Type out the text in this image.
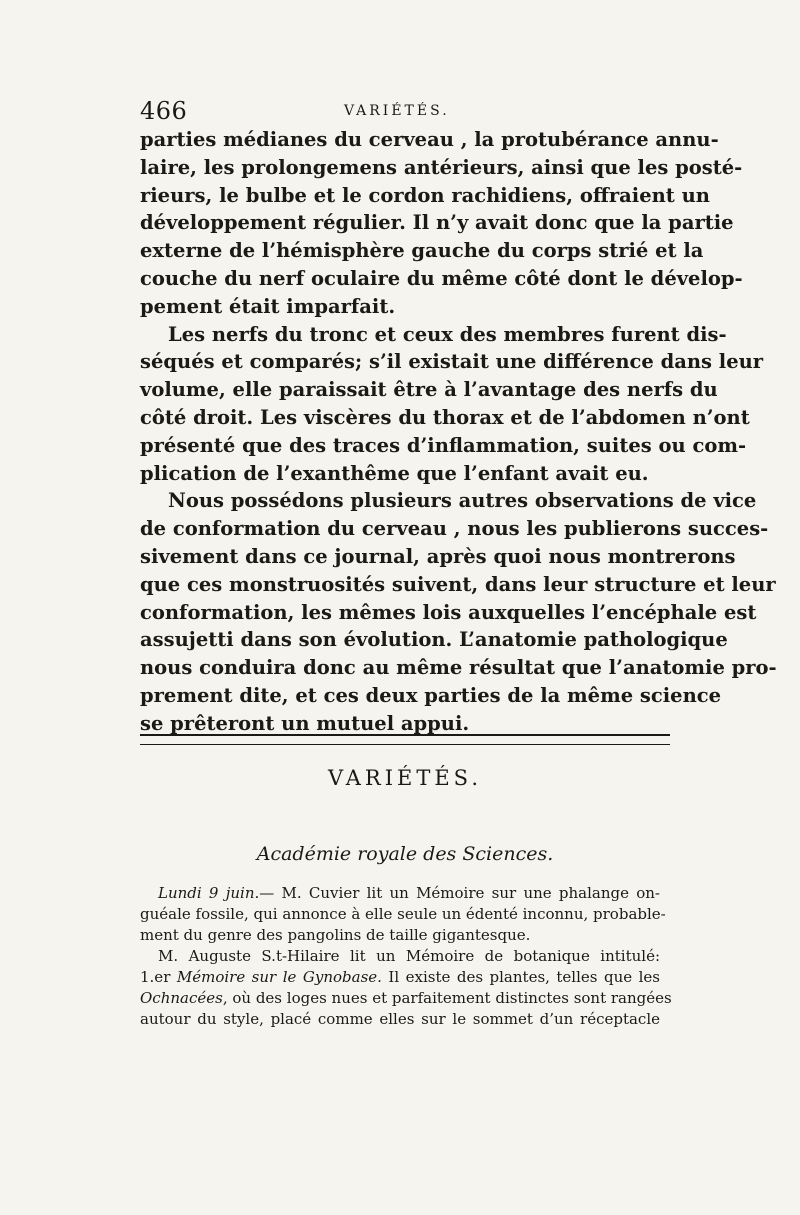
466	VARIÉTÉS.
parties médianes du cerveau , la protubérance annu-
laire, les prolongemens antérieurs, ainsi que les posté-
rieurs, le bulbe et le cordon rachidiens, offraient un
développement régulier. Il n’y avait donc que la partie
externe de l’hémisphère gauche du corps strié et la
couche du nerf oculaire du même côté dont le dévelop-
pement était imparfait.
Les nerfs du tronc et ceux des membres furent dis-
séqués et comparés; s’il existait une différence dans leur
volume, elle paraissait être à l’avantage des nerfs du
côté droit. Les viscères du thorax et de l’abdomen n’ont
présenté que des traces d’inflammation, suites ou com-
plication de l’exanthême que l’enfant avait eu.
Nous possédons plusieurs autres observations de vice
de conformation du cerveau , nous les publierons succes-
sivement dans ce journal, après quoi nous montrerons
que ces monstruosités suivent, dans leur structure et leur
conformation, les mêmes lois auxquelles l’encéphale est
assujetti dans son évolution. L’anatomie pathologique
nous conduira donc au même résultat que l’anatomie pro-
prement dite, et ces deux parties de la même science
se prêteront un mutuel appui.
VARIÉTÉS.
Académie royale des Sciences.
Lundi 9 juin.— M. Cuvier lit un Mémoire sur une phalange on-
guéale fossile, qui annonce à elle seule un édenté inconnu, probable-
ment du genre des pangolins de taille gigantesque.
M. Auguste S.t-Hilaire lit un Mémoire de botanique intitulé:
1.er Mémoire sur le Gynobase. Il existe des plantes, telles que les
Ochnacées, où des loges nues et parfaitement distinctes sont rangées
autour du style, placé comme elles sur le sommet d’un réceptacle
